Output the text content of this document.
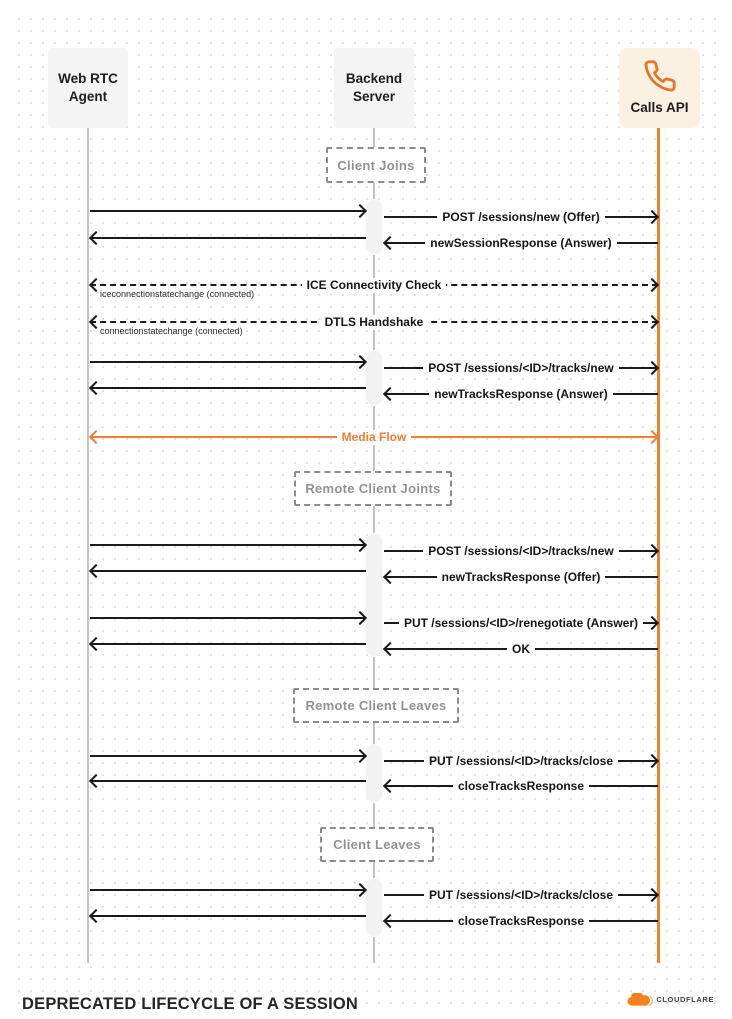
Web RTC
Agent
Backend
Server
Calls API
Client Joins
POST /sessions/new (Offer)
newSessionResponse (Answer)
ICE Connectivity Check
iceconnectionstatechange (connected)
DTLS Handshake
connectionstatechange (connected)
POST /sessions/<ID>/tracks/new
newTracksResponse (Answer)
Media Flow
Remote Client Joints
POST /sessions/<ID>/tracks/new
newTracksResponse (Offer)
PUT /sessions/<ID>/renegotiate (Answer)
OK
Remote Client Leaves
PUT /sessions/<ID>/tracks/close
closeTracksResponse
Client Leaves
PUT /sessions/<ID>/tracks/close
closeTracksResponse
DEPRECATED LIFECYCLE OF A SESSION	CLOUDFLARE
